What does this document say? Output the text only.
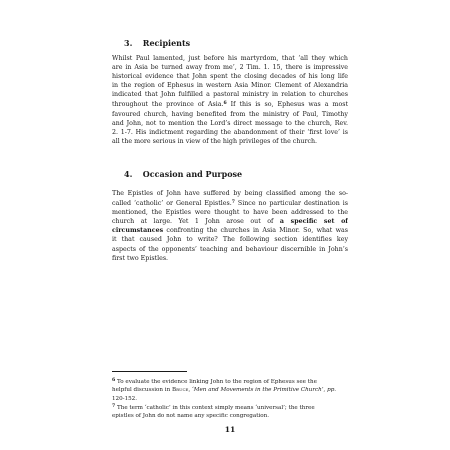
3. Recipients
Whilst Paul lamented, just before his martyrdom, that ‘all they which
are in Asia be turned away from me’, 2 Tim. 1. 15, there is impressive
historical evidence that John spent the closing decades of his long life
in the region of Ephesus in western Asia Minor. Clement of Alexandria
indicated that John fulfilled a pastoral ministry in relation to churches
throughout the province of Asia.$^6$ If this is so, Ephesus was a most
favoured church, having benefited from the ministry of Paul, Timothy
and John, not to mention the Lord’s direct message to the church, Rev.
2. 1-7. His indictment regarding the abandonment of their ‘first love’ is
all the more serious in view of the high privileges of the church.
4. Occasion and Purpose
The Epistles of John have suffered by being classified among the so-
called ‘catholic’ or General Epistles.$^7$ Since no particular destination is
mentioned, the Epistles were thought to have been addressed to the
church at large. Yet 1 John arose out of a specific set of
circumstances confronting the churches in Asia Minor. So, what was
it that caused John to write? The following section identifies key
aspects of the opponents’ teaching and behaviour discernible in John’s
first two Epistles.
$^6$ To evaluate the evidence linking John to the region of Ephesus see the
helpful discussion in Bruce, ‘Men and Movements in the Primitive Church’, pp.
120-152.
$^7$ The term ‘catholic’ in this context simply means ‘universal’; the three
epistles of John do not name any specific congregation.
11
